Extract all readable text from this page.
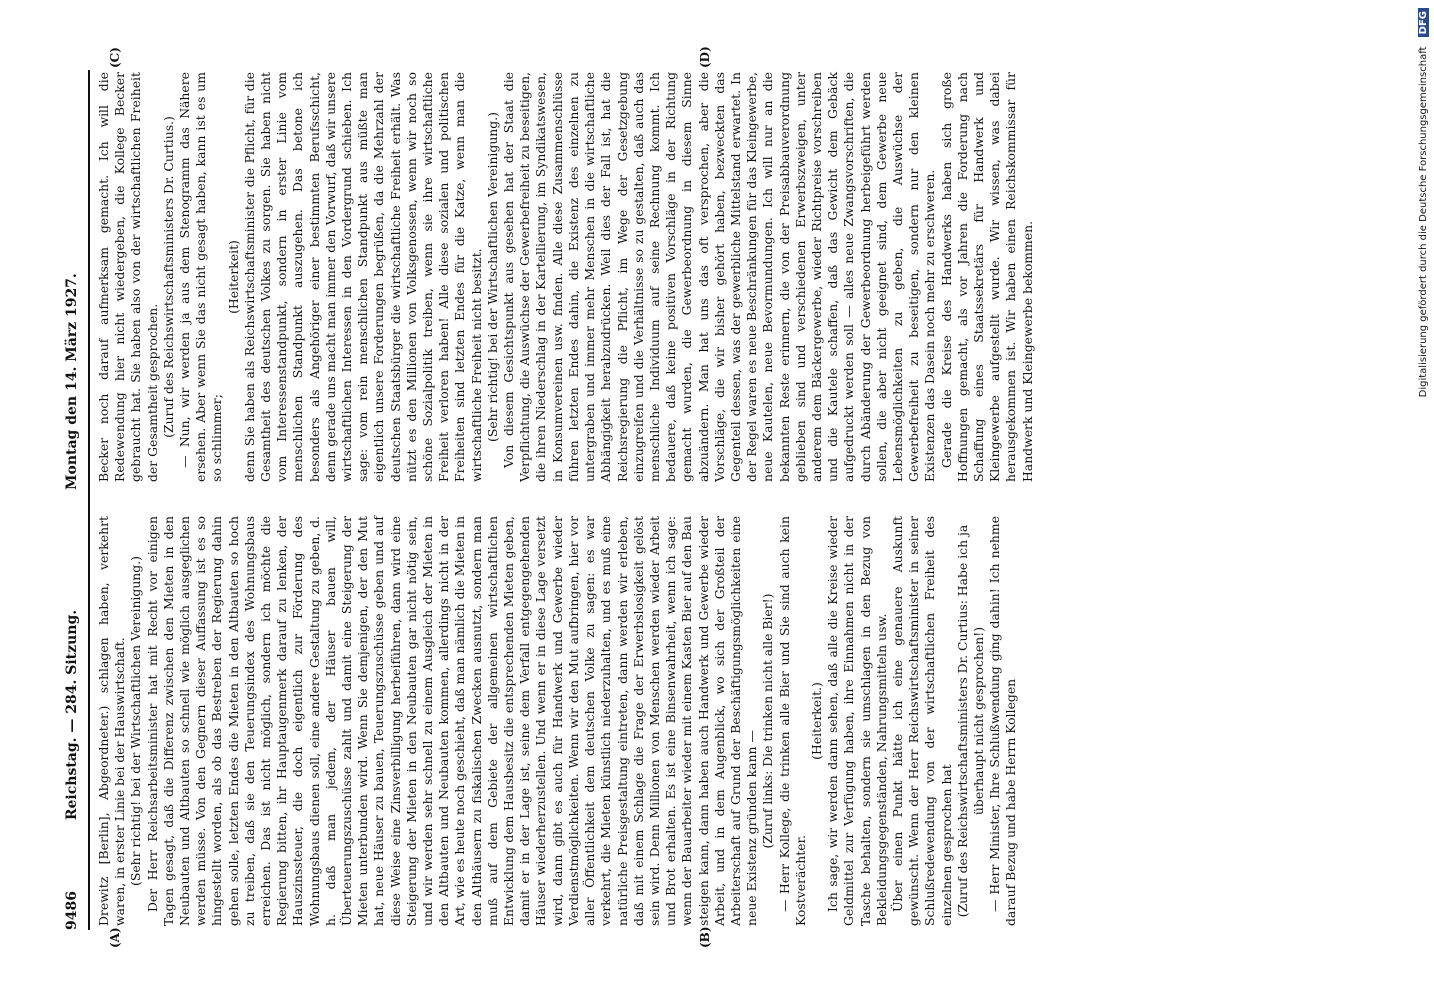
Digitalisierung gefördert durch die Deutsche Forschungsgemeinschaft DFG
9486
Reichstag. — 284. Sitzung.
Montag den 14. März 1927.
(A)	(B)
(C)	(D)

Drewitz [Berlin], Abgeordneter.) schlagen haben, verkehrt waren, in erster Linie bei der Hauswirtschaft. (Sehr richtig! bei der Wirtschaftlichen Vereinigung.) Der Herr Reichsarbeitsminister hat mit Recht vor einigen Tagen gesagt, daß die Differenz zwischen den Mieten in den Neubauten und Altbauten so schnell wie möglich ausgeglichen werden müsse. Von den Gegnern dieser Auffassung ist es so hingestellt worden, als ob das Bestreben der Regierung dahin gehen solle, letzten Endes die Mieten in den Altbauten so hoch zu treiben, daß sie den Teuerungsindex des Wohnungsbaus erreichen. Das ist nicht möglich, sondern ich möchte die Regierung bitten, ihr Hauptaugenmerk darauf zu lenken, der Hauszinssteuer, die doch eigentlich zur Förderung des Wohnungsbaus dienen soll, eine andere Gestaltung zu geben, d. h. daß man jedem, der Häuser bauen will, Überteuerungszuschüsse zahlt und damit eine Steigerung der Mieten unterbunden wird. Wenn Sie demjenigen, der den Mut hat, neue Häuser zu bauen, Teuerungszuschüsse geben und auf diese Weise eine Zinsverbilligung herbeiführen, dann wird eine Steigerung der Mieten in den Neubauten gar nicht nötig sein, und wir werden sehr schnell zu einem Ausgleich der Mieten in den Altbauten und Neubauten kommen, allerdings nicht in der Art, wie es heute noch geschieht, daß man nämlich die Mieten in den Althäusern zu fiskalischen Zwecken ausnutzt, sondern man muß auf dem Gebiete der allgemeinen wirtschaftlichen Entwicklung dem Hausbesitz die entsprechenden Mieten geben, damit er in der Lage ist, seine dem Verfall entgegengehenden Häuser wiederherzustellen. Und wenn er in diese Lage versetzt wird, dann gibt es auch für Handwerk und Gewerbe wieder Verdienstmöglichkeiten. Wenn wir den Mut aufbringen, hier vor aller Öffentlichkeit dem deutschen Volke zu sagen: es war verkehrt, die Mieten künstlich niederzuhalten, und es muß eine natürliche Preisgestaltung eintreten, dann werden wir erleben, daß mit einem Schlage die Frage der Erwerbslosigkeit gelöst sein wird. Denn Millionen von Menschen werden wieder Arbeit und Brot erhalten. Es ist eine Binsenwahrheit, wenn ich sage: wenn der Bauarbeiter wieder mit einem Kasten Bier auf den Bau steigen kann, dann haben auch Handwerk und Gewerbe wieder Arbeit, und in dem Augenblick, wo sich der Großteil der Arbeiterschaft auf Grund der Beschäftigungsmöglichkeiten eine neue Existenz gründen kann — (Zuruf links: Die trinken nicht alle Bier!) — Herr Kollege, die trinken alle Bier und Sie sind auch kein Kostverächter.

(Heiterkeit.) Ich sage, wir werden dann sehen, daß alle die Kreise wieder Geldmittel zur Verfügung haben, ihre Einnahmen nicht in der Tasche behalten, sondern sie umschlagen in den Bezug von Bekleidungsgegenständen, Nahrungsmitteln usw. Über einen Punkt hätte ich eine genauere Auskunft gewünscht. Wenn der Herr Reichswirtschaftsminister in seiner Schlußredewendung von der wirtschaftlichen Freiheit des einzelnen gesprochen hat (Zuruf des Reichswirtschaftsministers Dr. Curtius: Habe ich ja überhaupt nicht gesprochen!) — Herr Minister, Ihre Schlußwendung ging dahin! Ich nehme darauf Bezug und habe Herrn Kollegen

Becker noch darauf aufmerksam gemacht. Ich will die Redewendung hier nicht wiedergeben, die Kollege Becker gebraucht hat. Sie haben also von der wirtschaftlichen Freiheit der Gesamtheit gesprochen. (Zuruf des Reichswirtschaftsministers Dr. Curtius.) — Nun, wir werden ja aus dem Stenogramm das Nähere ersehen. Aber wenn Sie das nicht gesagt haben, kann ist es um so schlimmer;

(Heiterkeit) denn Sie haben als Reichswirtschaftsminister die Pflicht, für die Gesamtheit des deutschen Volkes zu sorgen. Sie haben nicht vom Interessenstandpunkt, sondern in erster Linie vom menschlichen Standpunkt auszugehen. Das betone ich besonders als Angehöriger einer bestimmten Berufsschicht, denn gerade uns macht man immer den Vorwurf, daß wir unsere wirtschaftlichen Interessen in den Vordergrund schieben. Ich sage: vom rein menschlichen Standpunkt aus müßte man eigentlich unsere Forderungen begrüßen, da die Mehrzahl der deutschen Staatsbürger die wirtschaftliche Freiheit erhält. Was nützt es den Millionen von Volksgenossen, wenn wir noch so schöne Sozialpolitik treiben, wenn sie ihre wirtschaftliche Freiheit verloren haben! Alle diese sozialen und politischen Freiheiten sind letzten Endes für die Katze, wenn man die wirtschaftliche Freiheit nicht besitzt. (Sehr richtig! bei der Wirtschaftlichen Vereinigung.) Von diesem Gesichtspunkt aus gesehen hat der Staat die Verpflichtung, die Auswüchse der Gewerbefreiheit zu beseitigen, die ihren Niederschlag in der Kartellierung, im Syndikatswesen, in Konsumvereinen usw. finden. Alle diese Zusammenschlüsse führen letzten Endes dahin, die Existenz des einzelnen zu untergraben und immer mehr Menschen in die wirtschaftliche Abhängigkeit herabzudrücken. Weil dies der Fall ist, hat die Reichsregierung die Pflicht, im Wege der Gesetzgebung einzugreifen und die Verhältnisse so zu gestalten, daß auch das menschliche Individuum auf seine Rechnung kommt. Ich bedauere, daß keine positiven Vorschläge in der Richtung gemacht wurden, die Gewerbeordnung in diesem Sinne abzuändern. Man hat uns das oft versprochen, aber die Vorschläge, die wir bisher gehört haben, bezweckten das Gegenteil dessen, was der gewerbliche Mittelstand erwartet. In der Regel waren es neue Beschränkungen für das Kleingewerbe, neue Kautelen, neue Bevormundungen. Ich will nur an die bekannten Reste erinnern, die von der Preisabbauverordnung geblieben sind und verschiedenen Erwerbszweigen, unter anderem dem Bäckergewerbe, wieder Richtpreise vorschreiben und die Kautele schaffen, daß das Gewicht dem Gebäck aufgedruckt werden soll — alles neue Zwangsvorschriften, die durch Abänderung der Gewerbeordnung herbeigeführt werden sollen, die aber nicht geeignet sind, dem Gewerbe neue Lebensmöglichkeiten zu geben, die Auswüchse der Gewerbefreiheit zu beseitigen, sondern nur den kleinen Existenzen das Dasein noch mehr zu erschweren. Gerade die Kreise des Handwerks haben sich große Hoffnungen gemacht, als vor Jahren die Forderung nach Schaffung eines Staatssekretärs für Handwerk und Kleingewerbe aufgestellt wurde. Wir wissen, was dabei herausgekommen ist. Wir haben einen Reichskommissar für Handwerk und Kleingewerbe bekommen.
